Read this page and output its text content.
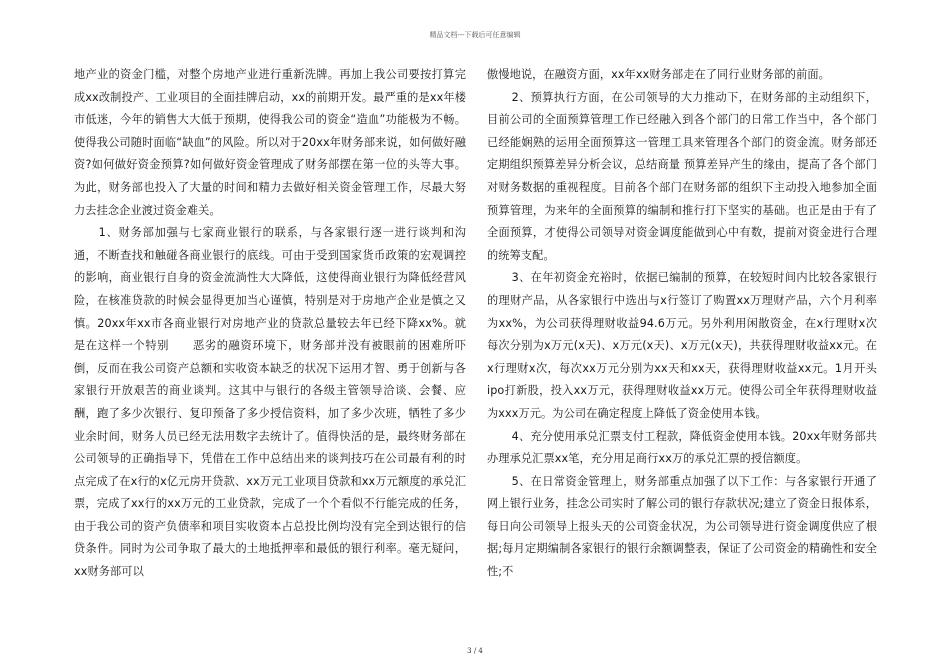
精品文档---下载后可任意编辑

地产业的资金门槛，对整个房地产业进行重新洗牌。再加上我公司要按打算完成xx改制投产、工业项目的全面挂牌启动，xx的前期开发。最严重的是xx年楼市低迷，今年的销售大大低于预期，使得我公司的资金“造血”功能极为不畅。使得我公司随时面临“缺血”的风险。所以对于20xx年财务部来说，如何做好融资?如何做好资金预算?如何做好资金管理成了财务部摆在第一位的头等大事。为此，财务部也投入了大量的时间和精力去做好相关资金管理工作，尽最大努力去挂念企业渡过资金难关。

1、财务部加强与七家商业银行的联系，与各家银行逐一进行谈判和沟通，不断查找和触碰各商业银行的底线。可由于受到国家货币政策的宏观调控的影响，商业银行自身的资金流淌性大大降低，这使得商业银行为降低经营风险，在核准贷款的时候会显得更加当心谨慎，特别是对于房地产企业是慎之又慎。20xx年xx市各商业银行对房地产业的贷款总量较去年已经下降xx%。就是在这样一个特别　　恶劣的融资环境下，财务部并没有被眼前的困难所吓倒，反而在我公司资产总额和实收资本缺乏的状况下运用才智、勇于创新与各家银行开放艰苦的商业谈判。这其中与银行的各级主管领导洽谈、会餐、应酬，跑了多少次银行、复印预备了多少授信资料，加了多少次班，牺牲了多少业余时间，财务人员已经无法用数字去统计了。值得快活的是，最终财务部在公司领导的正确指导下，凭借在工作中总结出来的谈判技巧在公司最有利的时点完成了在x行的x亿元房开贷款、xx万元工业项目贷款和xx万元额度的承兑汇票，完成了xx行的xx万元的工业贷款，完成了一个个看似不行能完成的任务，由于我公司的资产负债率和项目实收资本占总投比例均没有完全到达银行的信贷条件。同时为公司争取了最大的土地抵押率和最低的银行利率。毫无疑问，xx财务部可以

傲慢地说，在融资方面，xx年xx财务部走在了同行业财务部的前面。

2、预算执行方面，在公司领导的大力推动下，在财务部的主动组织下，目前公司的全面预算管理工作已经融入到各个部门的日常工作当中，各个部门已经能娴熟的运用全面预算这一管理工具来管理各个部门的资金流。财务部还定期组织预算差异分析会议，总结商量 预算差异产生的缘由，提高了各个部门对财务数据的重视程度。目前各个部门在财务部的组织下主动投入地参加全面预算管理，为来年的全面预算的编制和推行打下坚实的基础。也正是由于有了全面预算，才使得公司领导对资金调度能做到心中有数，提前对资金进行合理的统筹支配。

3、在年初资金充裕时，依据已编制的预算，在较短时间内比较各家银行的理财产品，从各家银行中选出与x行签订了购置xx万理财产品，六个月利率为xx%，为公司获得理财收益94.6万元。另外利用闲散资金，在x行理财x次每次分别为x万元(x天)、x万元(x天)、x万元(x天)，共获得理财收益xx元。在x行理财x次，每次xx万元分别为xx天和xx天，获得理财收益xx元。1月开头ipo打新股，投入xx万元，获得理财收益xx万元。使得公司全年获得理财收益为xxx万元。为公司在确定程度上降低了资金使用本钱。

4、充分使用承兑汇票支付工程款，降低资金使用本钱。20xx年财务部共办理承兑汇票xx笔，充分用足商行xx万的承兑汇票的授信额度。

5、在日常资金管理上，财务部重点加强了以下工作：与各家银行开通了网上银行业务，挂念公司实时了解公司的银行存款状况;建立了资金日报体系，每日向公司领导上报头天的公司资金状况，为公司领导进行资金调度供应了根据;每月定期编制各家银行的银行余额调整表，保证了公司资金的精确性和安全性;不

3 / 4
